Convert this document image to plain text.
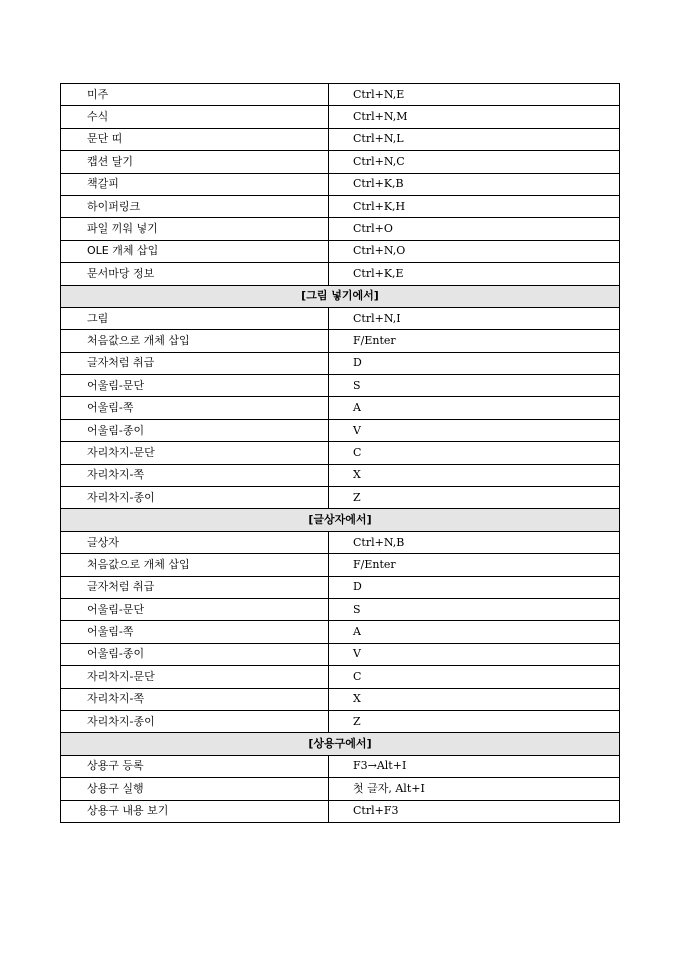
미주	Ctrl+N,E
수식	Ctrl+N,M
문단 띠	Ctrl+N,L
캡션 달기	Ctrl+N,C
책갈피	Ctrl+K,B
하이퍼링크	Ctrl+K,H
파일 끼워 넣기	Ctrl+O
OLE 개체 삽입	Ctrl+N,O
문서마당 정보	Ctrl+K,E
[그림 넣기에서]	
그림	Ctrl+N,I
처음값으로 개체 삽입	F/Enter
글자처럼 취급	D
어울림-문단	S
어울림-쪽	A
어울림-종이	V
자리차지-문단	C
자리차지-쪽	X
자리차지-종이	Z
[글상자에서]	
글상자	Ctrl+N,B
처음값으로 개체 삽입	F/Enter
글자처럼 취급	D
어울림-문단	S
어울림-쪽	A
어울림-종이	V
자리차지-문단	C
자리차지-쪽	X
자리차지-종이	Z
[상용구에서]	
상용구 등록	F3→Alt+I
상용구 실행	첫 글자, Alt+I
상용구 내용 보기	Ctrl+F3
